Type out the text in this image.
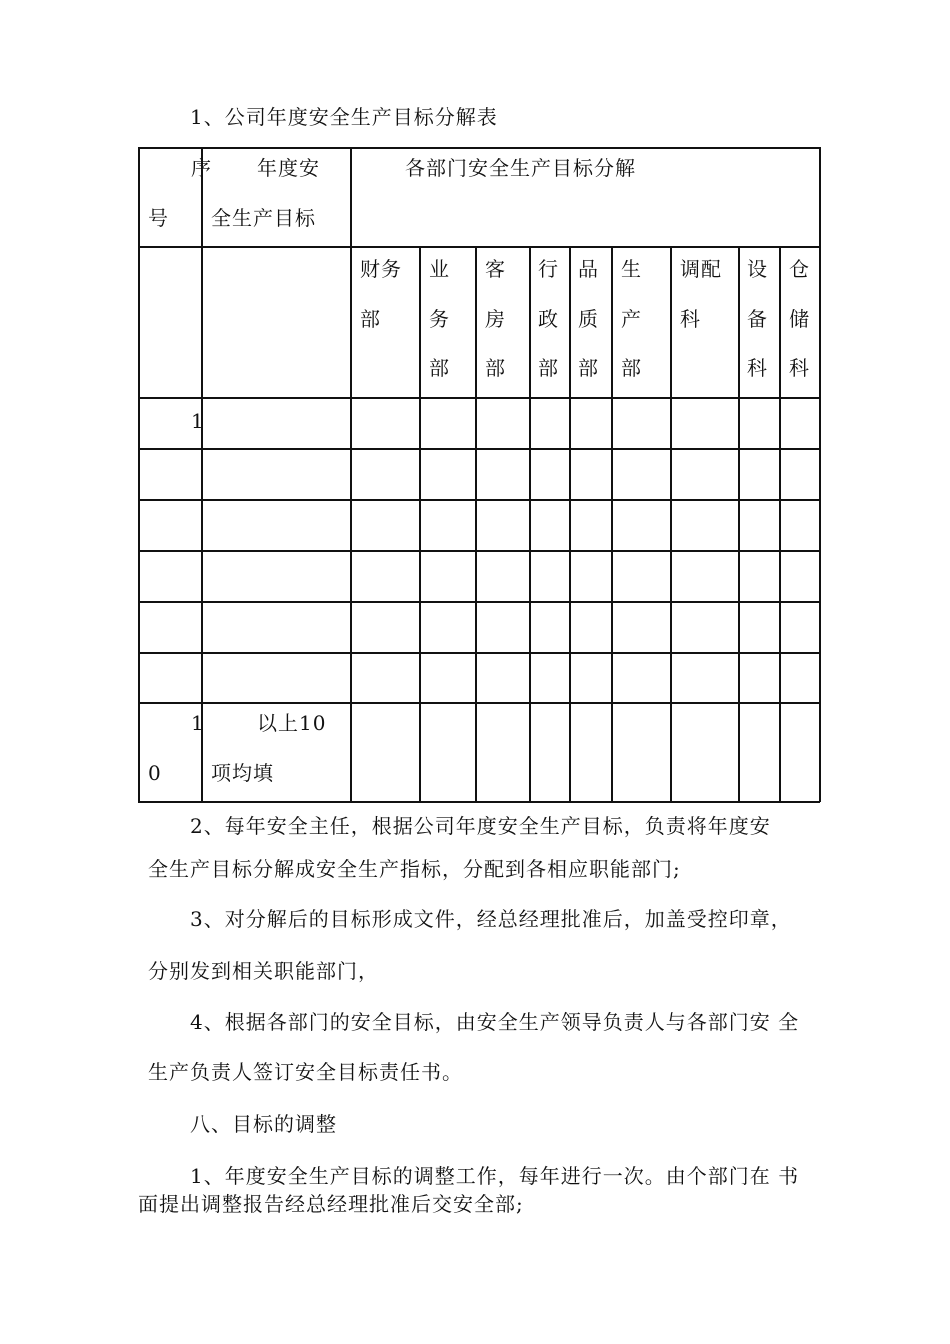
1、公司年度安全生产目标分解表
序
号
年度安
全生产目标
各部门安全生产目标分解
财务
部
业
务
部
客
房
部
行
政
部
品
质
部
生
产
部
调配
科
设
备
科
仓
储
科
1
1
0
以上10
项均填
2、每年安全主任，根据公司年度安全生产目标，负责将年度安
全生产目标分解成安全生产指标，分配到各相应职能部门;
3、对分解后的目标形成文件，经总经理批准后，加盖受控印章，
分别发到相关职能部门，
4、根据各部门的安全目标，由安全生产领导负责人与各部门安 全
生产负责人签订安全目标责任书。
八、目标的调整
1、年度安全生产目标的调整工作，每年进行一次。由个部门在 书
面提出调整报告经总经理批准后交安全部;
